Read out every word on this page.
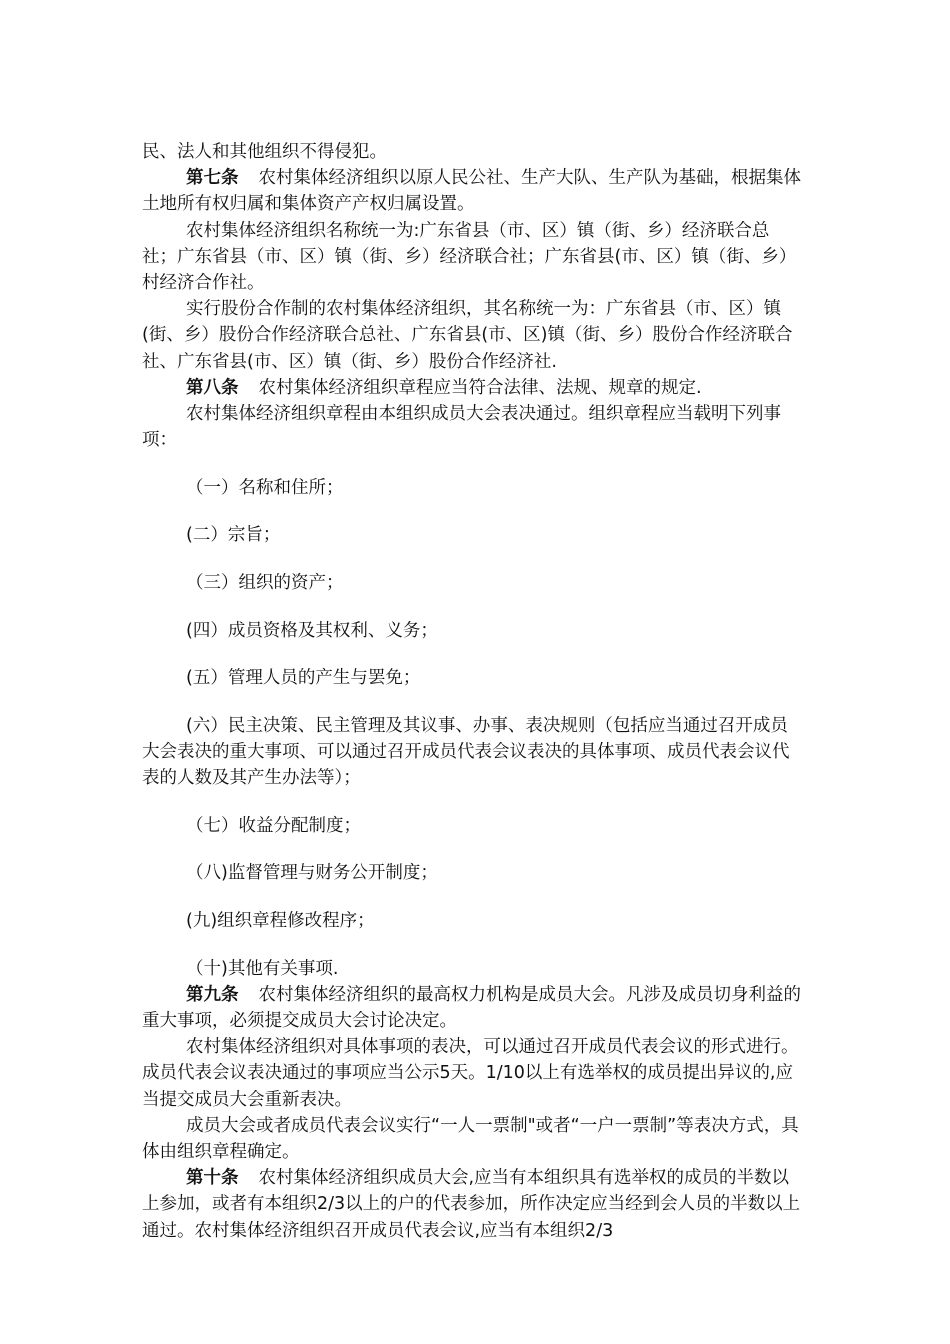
民、法人和其他组织不得侵犯。

第七条 农村集体经济组织以原人民公社、生产大队、生产队为基础，根据集体土地所有权归属和集体资产产权归属设置。

农村集体经济组织名称统一为:广东省县（市、区）镇（街、乡）经济联合总社；广东省县（市、区）镇（街、乡）经济联合社；广东省县(市、区）镇（街、乡）村经济合作社。

实行股份合作制的农村集体经济组织，其名称统一为：广东省县（市、区）镇(街、乡）股份合作经济联合总社、广东省县(市、区)镇（街、乡）股份合作经济联合社、广东省县(市、区）镇（街、乡）股份合作经济社.

第八条 农村集体经济组织章程应当符合法律、法规、规章的规定.

农村集体经济组织章程由本组织成员大会表决通过。组织章程应当载明下列事项：

（一）名称和住所；

(二）宗旨；

（三）组织的资产；

(四）成员资格及其权利、义务；

(五）管理人员的产生与罢免；

(六）民主决策、民主管理及其议事、办事、表决规则（包括应当通过召开成员大会表决的重大事项、可以通过召开成员代表会议表决的具体事项、成员代表会议代表的人数及其产生办法等）；

（七）收益分配制度；

（八)监督管理与财务公开制度；

(九)组织章程修改程序；

（十)其他有关事项.

第九条 农村集体经济组织的最高权力机构是成员大会。凡涉及成员切身利益的重大事项，必须提交成员大会讨论决定。

农村集体经济组织对具体事项的表决，可以通过召开成员代表会议的形式进行。成员代表会议表决通过的事项应当公示5天。1/10以上有选举权的成员提出异议的,应当提交成员大会重新表决。

成员大会或者成员代表会议实行“一人一票制"或者“一户一票制”等表决方式，具体由组织章程确定。

第十条 农村集体经济组织成员大会,应当有本组织具有选举权的成员的半数以上参加，或者有本组织2/3以上的户的代表参加，所作决定应当经到会人员的半数以上通过。农村集体经济组织召开成员代表会议,应当有本组织2/3
